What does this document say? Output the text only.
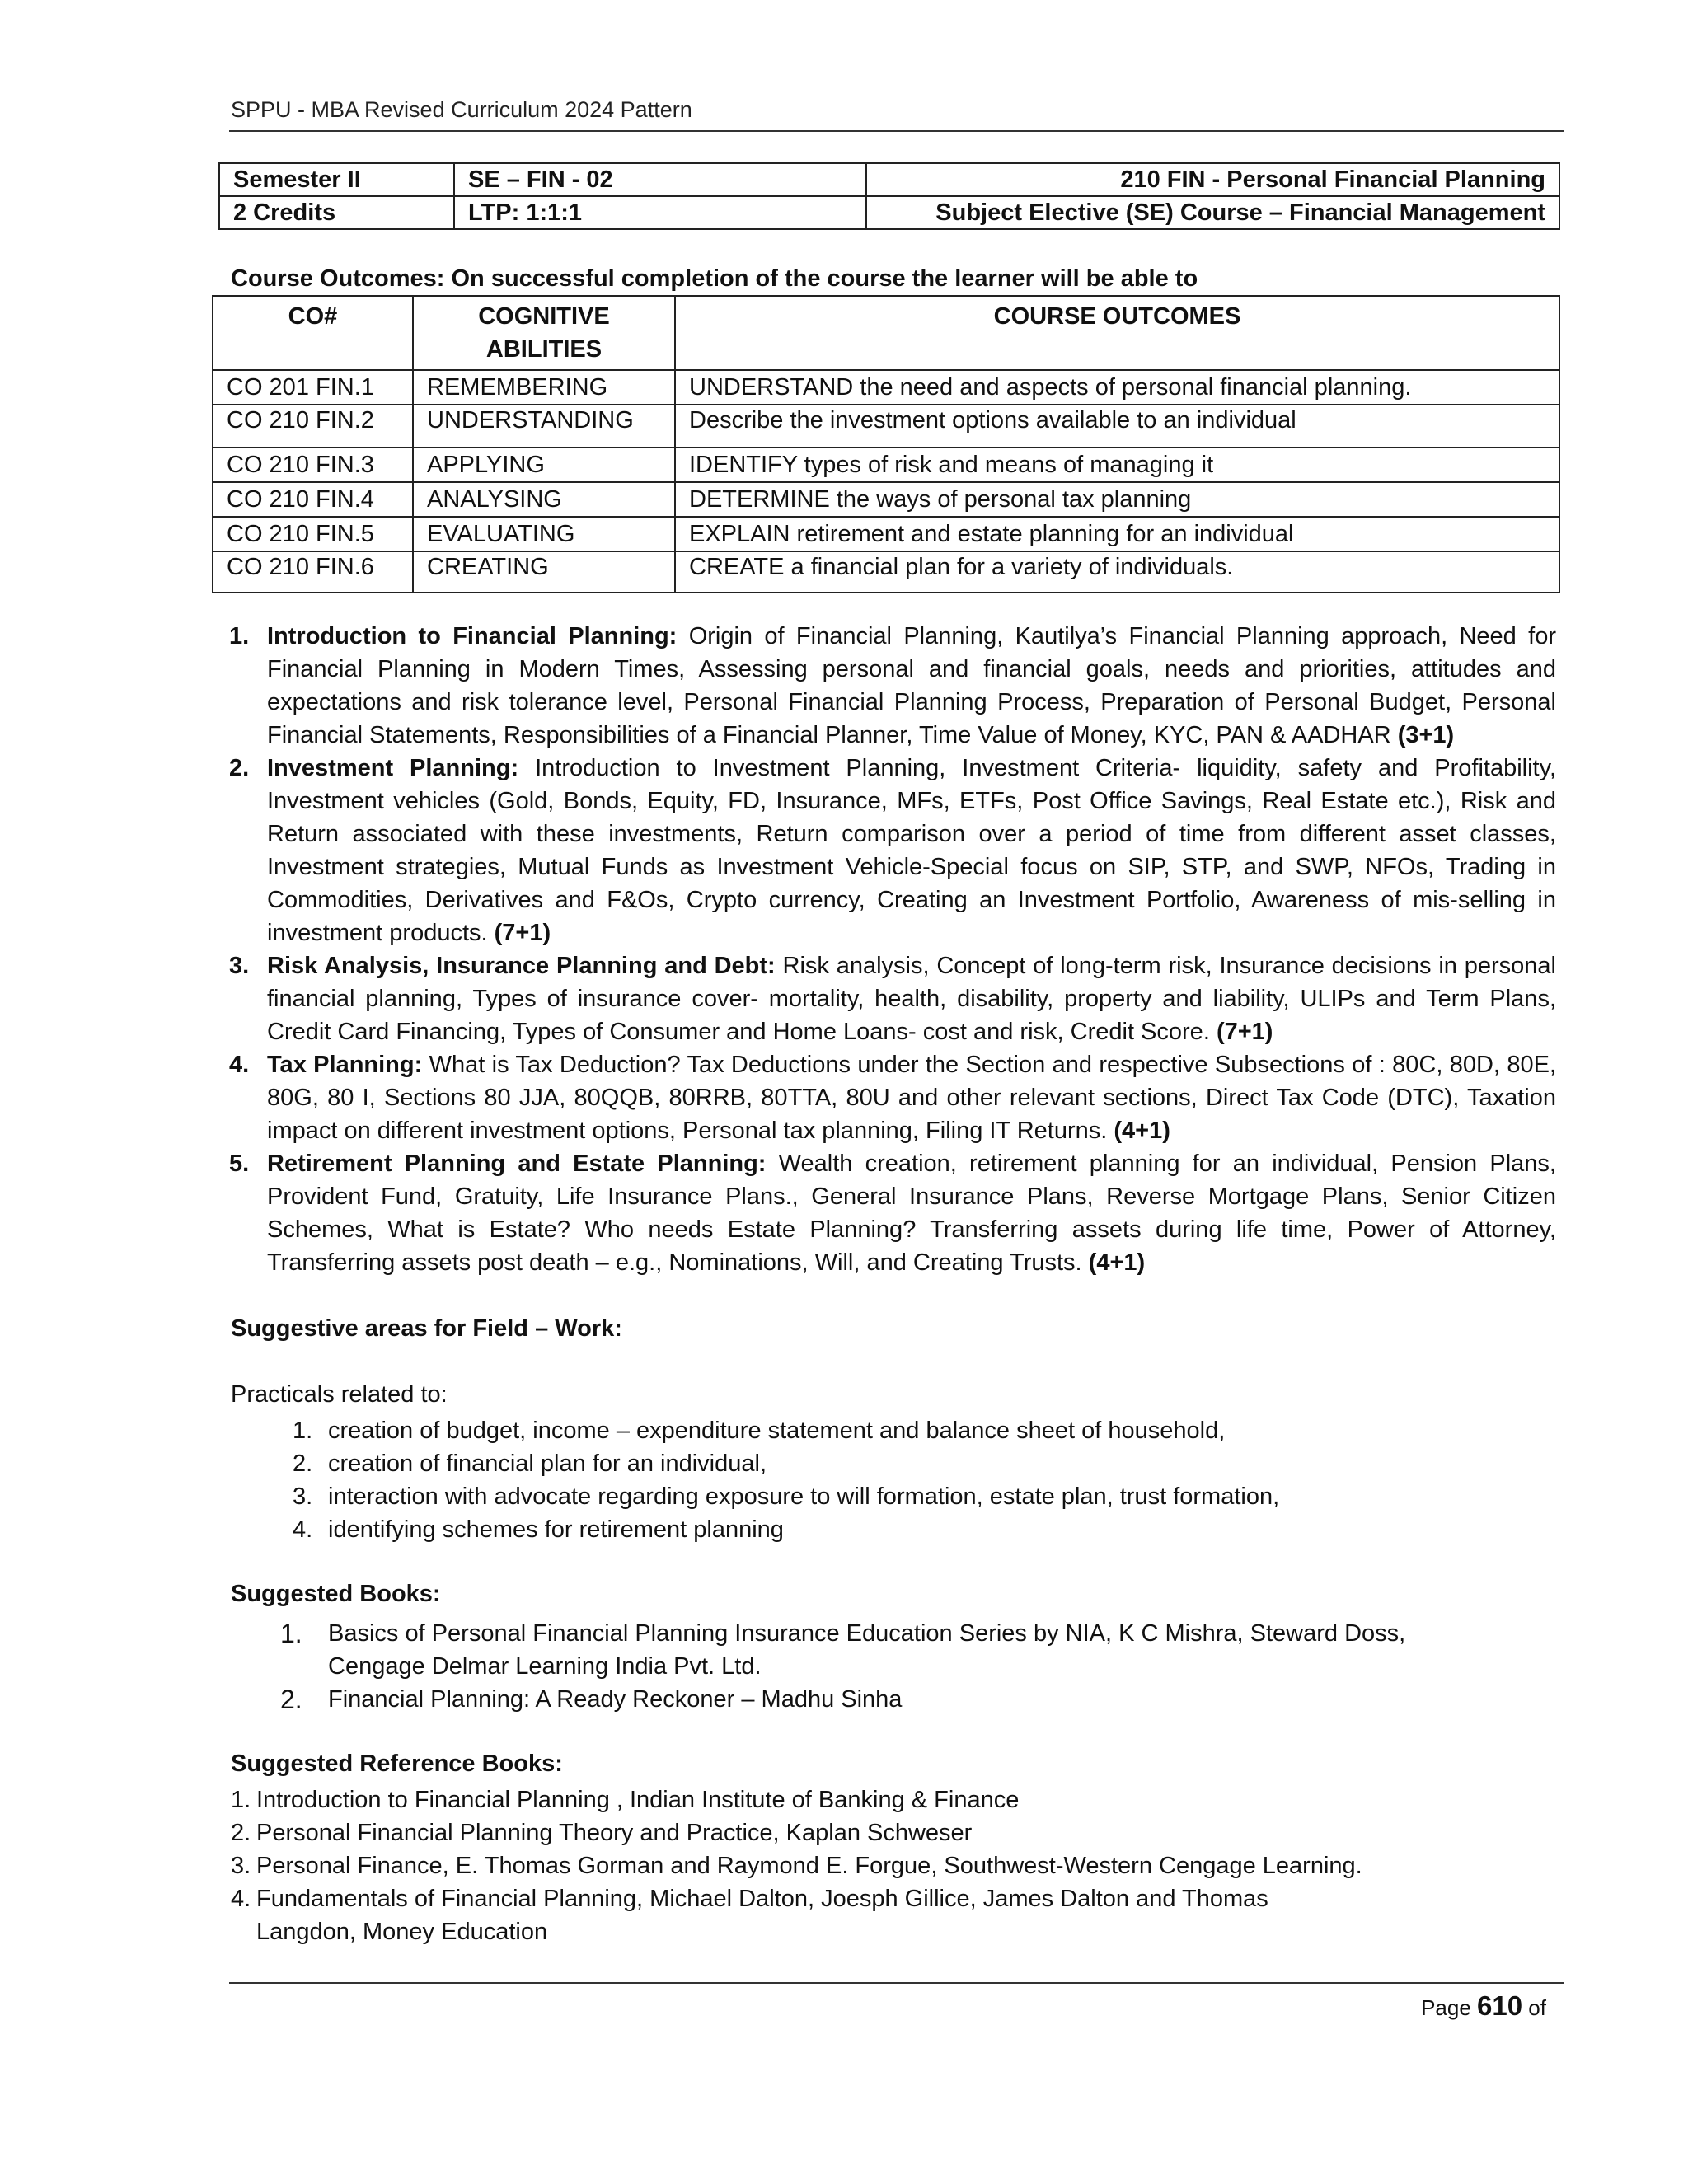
SPPU - MBA Revised Curriculum 2024 Pattern
Semester II	SE – FIN - 02	210 FIN - Personal Financial Planning
2 Credits	LTP: 1:1:1	Subject Elective (SE) Course – Financial Management
Course Outcomes: On successful completion of the course the learner will be able to
CO#	COGNITIVE ABILITIES	COURSE OUTCOMES
CO 201 FIN.1	REMEMBERING	UNDERSTAND the need and aspects of personal financial planning.
CO 210 FIN.2	UNDERSTANDING	Describe the investment options available to an individual
CO 210 FIN.3	APPLYING	IDENTIFY types of risk and means of managing it
CO 210 FIN.4	ANALYSING	DETERMINE the ways of personal tax planning
CO 210 FIN.5	EVALUATING	EXPLAIN retirement and estate planning for an individual
CO 210 FIN.6	CREATING	CREATE a financial plan for a variety of individuals.
1. Introduction to Financial Planning: Origin of Financial Planning, Kautilya’s Financial Planning approach, Need for Financial Planning in Modern Times, Assessing personal and financial goals, needs and priorities, attitudes and expectations and risk tolerance level, Personal Financial Planning Process, Preparation of Personal Budget, Personal Financial Statements, Responsibilities of a Financial Planner, Time Value of Money, KYC, PAN & AADHAR (3+1)
2. Investment Planning: Introduction to Investment Planning, Investment Criteria- liquidity, safety and Profitability, Investment vehicles (Gold, Bonds, Equity, FD, Insurance, MFs, ETFs, Post Office Savings, Real Estate etc.), Risk and Return associated with these investments, Return comparison over a period of time from different asset classes, Investment strategies, Mutual Funds as Investment Vehicle-Special focus on SIP, STP, and SWP, NFOs, Trading in Commodities, Derivatives and F&Os, Crypto currency, Creating an Investment Portfolio, Awareness of mis-selling in investment products. (7+1)
3. Risk Analysis, Insurance Planning and Debt: Risk analysis, Concept of long-term risk, Insurance decisions in personal financial planning, Types of insurance cover- mortality, health, disability, property and liability, ULIPs and Term Plans, Credit Card Financing, Types of Consumer and Home Loans- cost and risk, Credit Score. (7+1)
4. Tax Planning: What is Tax Deduction? Tax Deductions under the Section and respective Subsections of : 80C, 80D, 80E, 80G, 80 I, Sections 80 JJA, 80QQB, 80RRB, 80TTA, 80U and other relevant sections, Direct Tax Code (DTC), Taxation impact on different investment options, Personal tax planning, Filing IT Returns. (4+1)
5. Retirement Planning and Estate Planning: Wealth creation, retirement planning for an individual, Pension Plans, Provident Fund, Gratuity, Life Insurance Plans., General Insurance Plans, Reverse Mortgage Plans, Senior Citizen Schemes, What is Estate? Who needs Estate Planning? Transferring assets during life time, Power of Attorney, Transferring assets post death – e.g., Nominations, Will, and Creating Trusts. (4+1)
Suggestive areas for Field – Work:
Practicals related to:
1. creation of budget, income – expenditure statement and balance sheet of household,
2. creation of financial plan for an individual,
3. interaction with advocate regarding exposure to will formation, estate plan, trust formation,
4. identifying schemes for retirement planning
Suggested Books:
1. Basics of Personal Financial Planning Insurance Education Series by NIA, K C Mishra, Steward Doss, Cengage Delmar Learning India Pvt. Ltd.
2. Financial Planning: A Ready Reckoner – Madhu Sinha
Suggested Reference Books:
1. Introduction to Financial Planning , Indian Institute of Banking & Finance
2. Personal Financial Planning Theory and Practice, Kaplan Schweser
3. Personal Finance, E. Thomas Gorman and Raymond E. Forgue, Southwest-Western Cengage Learning.
4. Fundamentals of Financial Planning, Michael Dalton, Joesph Gillice, James Dalton and Thomas Langdon, Money Education
Page 610 of
